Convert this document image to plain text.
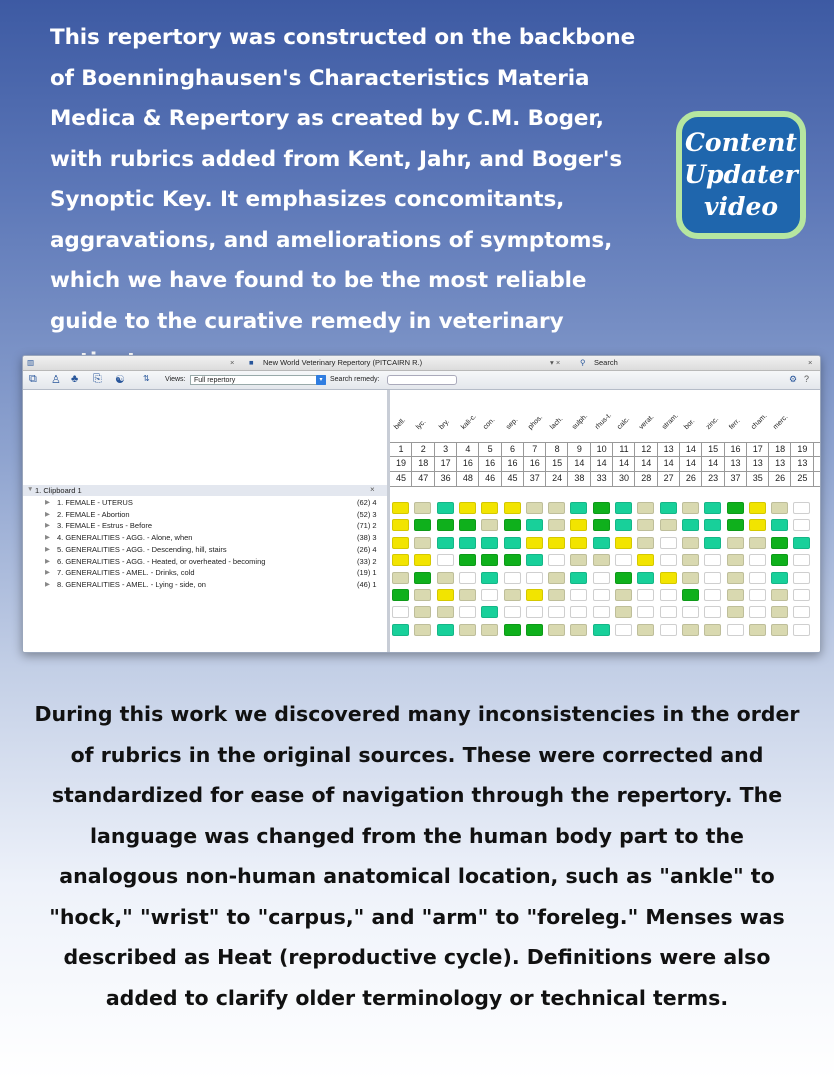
This repertory was constructed on the backbone of Boenninghausen's Characteristics Materia Medica & Repertory as created by C.M. Boger, with rubrics added from Kent, Jahr, and Boger's Synoptic Key. It emphasizes concomitants, aggravations, and ameliorations of symptoms, which we have found to be the most reliable guide to the curative remedy in veterinary
Content
Updater
video
▥	× ■ New World Veterinary Repertory (PITCAIRN R.)	▾ ×	⚲ Search	×
⧉ ♙ ♣ ⎘ ☯ ⇅ Views:	Full repertory	▾	Search remedy:	⚙ ?
▼ 1. Clipboard 1	×
▶ 1. FEMALE - UTERUS	(62) 4
▶ 2. FEMALE - Abortion	(52) 3
▶ 3. FEMALE - Estrus - Before	(71) 2
▶ 4. GENERALITIES - AGG. - Alone, when	(38) 3
▶ 5. GENERALITIES - AGG. - Descending, hill, stairs	(26) 4
▶ 6. GENERALITIES - AGG. - Heated, or overheated - becoming	(33) 2
▶ 7. GENERALITIES - AMEL. - Drinks, cold	(19) 1
▶ 8. GENERALITIES - AMEL. - Lying - side, on	(46) 1
bell. lyc. bry. kali-c. con. sep. phos. lach. sulph. rhus-t. calc. verat. stram. bor. zinc. ferr. cham. merc.
1	2	3	4	5	6	7	8	9	10	11	12	13	14	15	16	17	18	19
19	18	17	16	16	16	16	15	14	14	14	14	14	14	14	13	13	13	13
45	47	36	48	46	45	37	24	38	33	30	28	27	26	23	37	35	26	25
During this work we discovered many inconsistencies in the order of rubrics in the original sources. These were corrected and standardized for ease of navigation through the repertory. The language was changed from the human body part to the analogous non-human anatomical location, such as "ankle" to "hock," "wrist" to "carpus," and "arm" to "foreleg." Menses was described as Heat (reproductive cycle). Definitions were also added to clarify older terminology or technical terms.
